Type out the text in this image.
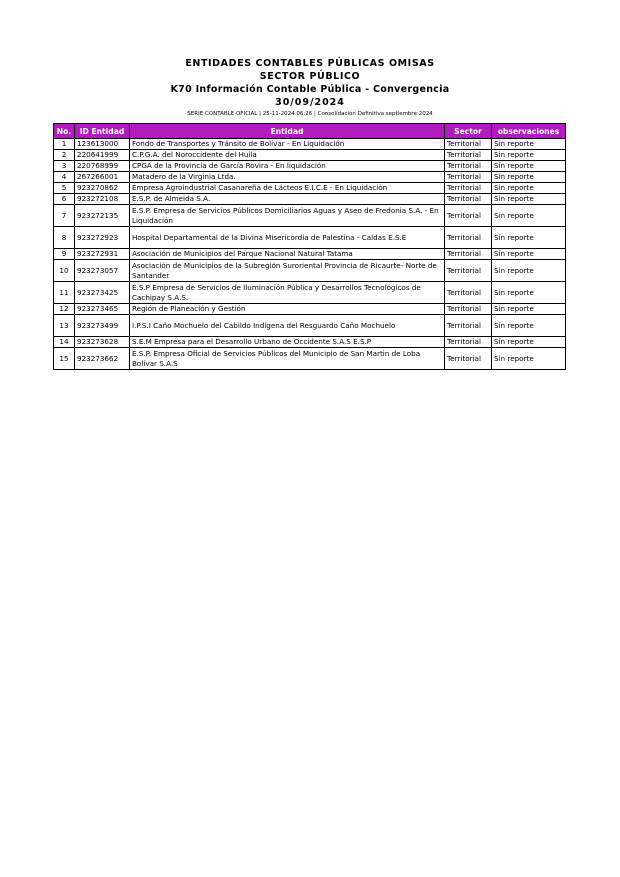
ENTIDADES CONTABLES PÚBLICAS OMISAS
SECTOR PÚBLICO
K70 Información Contable Pública - Convergencia
30/09/2024
SERIE CONTABLE OFICIAL | 25-11-2024 06:26 | Consolidación Definitiva septiembre 2024
No.	ID Entidad	Entidad	Sector	observaciones
1	123613000	Fondo de Transportes y Tránsito de Bolívar - En Liquidación	Territorial	Sin reporte
2	220641999	C.P.G.A. del Noroccidente del Huila	Territorial	Sin reporte
3	220768999	CPGA de la Provincia de García Rovira - En liquidación	Territorial	Sin reporte
4	267266001	Matadero de la Virginia Ltda.	Territorial	Sin reporte
5	923270862	Empresa Agroindustrial Casanareña de Lácteos E.I.C.E - En Liquidación	Territorial	Sin reporte
6	923272108	E.S.P. de Almeida S.A.	Territorial	Sin reporte
7	923272135	E.S.P. Empresa de Servicios Públicos Domiciliarios Aguas y Aseo de Fredonia S.A. - En Liquidación	Territorial	Sin reporte
8	923272923	Hospital Departamental de la Divina Misericordia de Palestina - Caldas E.S.E	Territorial	Sin reporte
9	923272931	Asociación de Municipios del Parque Nacional Natural Tatama	Territorial	Sin reporte
10	923273057	Asociación de Municipios de la Subregión Suroriental Provincia de Ricaurte- Norte de Santander	Territorial	Sin reporte
11	923273425	E.S.P Empresa de Servicios de Iluminación Pública y Desarrollos Tecnológicos de Cachipay S.A.S.	Territorial	Sin reporte
12	923273465	Región de Planeación y Gestión	Territorial	Sin reporte
13	923273499	I.P.S.I Caño Mochuelo del Cabildo Indígena del Resguardo Caño Mochuelo	Territorial	Sin reporte
14	923273628	S.E.M Empresa para el Desarrollo Urbano de Occidente S.A.S E.S.P	Territorial	Sin reporte
15	923273662	E.S.P. Empresa Oficial de Servicios Públicos del Municipio de San Martin de Loba Bolívar S.A.S	Territorial	Sin reporte
